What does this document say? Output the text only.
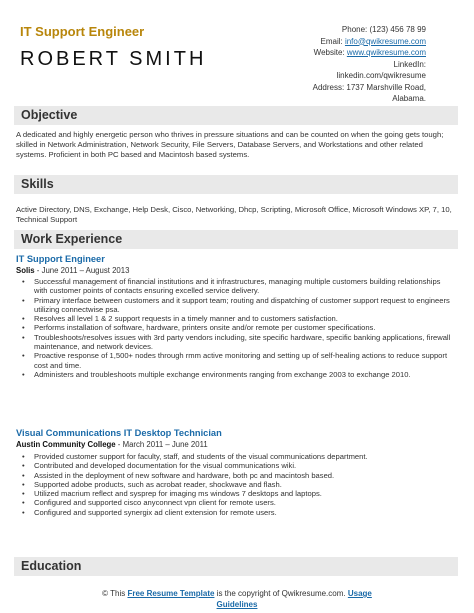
IT Support Engineer
ROBERT SMITH
Phone: (123) 456 78 99
Email: info@qwikresume.com
Website: www.qwikresume.com
LinkedIn:
linkedin.com/qwikresume
Address: 1737 Marshville Road,
Alabama.
Objective
A dedicated and highly energetic person who thrives in pressure situations and can be counted on when the going gets tough; skilled in Network Administration, Network Security, File Servers, Database Servers, and Workstations and other related systems. Proficient in both PC based and Macintosh based systems.
Skills
Active Directory, DNS, Exchange, Help Desk, Cisco, Networking, Dhcp, Scripting, Microsoft Office, Microsoft Windows XP, 7, 10, Technical Support
Work Experience
IT Support Engineer
Solis - June 2011 – August 2013
• Successful management of financial institutions and it infrastructures, managing multiple customers building relationships with customer points of contacts ensuring excelled service delivery.
• Primary interface between customers and it support team; routing and dispatching of customer support request to engineers utilizing connectwise psa.
• Resolves all level 1 & 2 support requests in a timely manner and to customers satisfaction.
• Performs installation of software, hardware, printers onsite and/or remote per customer specifications.
• Troubleshoots/resolves issues with 3rd party vendors including, site specific hardware, specific banking applications, firewall maintenance, and network devices.
• Proactive response of 1,500+ nodes through rmm active monitoring and setting up of self-healing actions to reduce support cost and time.
• Administers and troubleshoots multiple exchange environments ranging from exchange 2003 to exchange 2010.
Visual Communications IT Desktop Technician
Austin Community College - March 2011 – June 2011
• Provided customer support for faculty, staff, and students of the visual communications department.
• Contributed and developed documentation for the visual communications wiki.
• Assisted in the deployment of new software and hardware, both pc and macintosh based.
• Supported adobe products, such as acrobat reader, shockwave and flash.
• Utilized macrium reflect and sysprep for imaging ms windows 7 desktops and laptops.
• Configured and supported cisco anyconnect vpn client for remote users.
• Configured and supported synergix ad client extension for remote users.
Education
© This Free Resume Template is the copyright of Qwikresume.com. Usage
Guidelines
